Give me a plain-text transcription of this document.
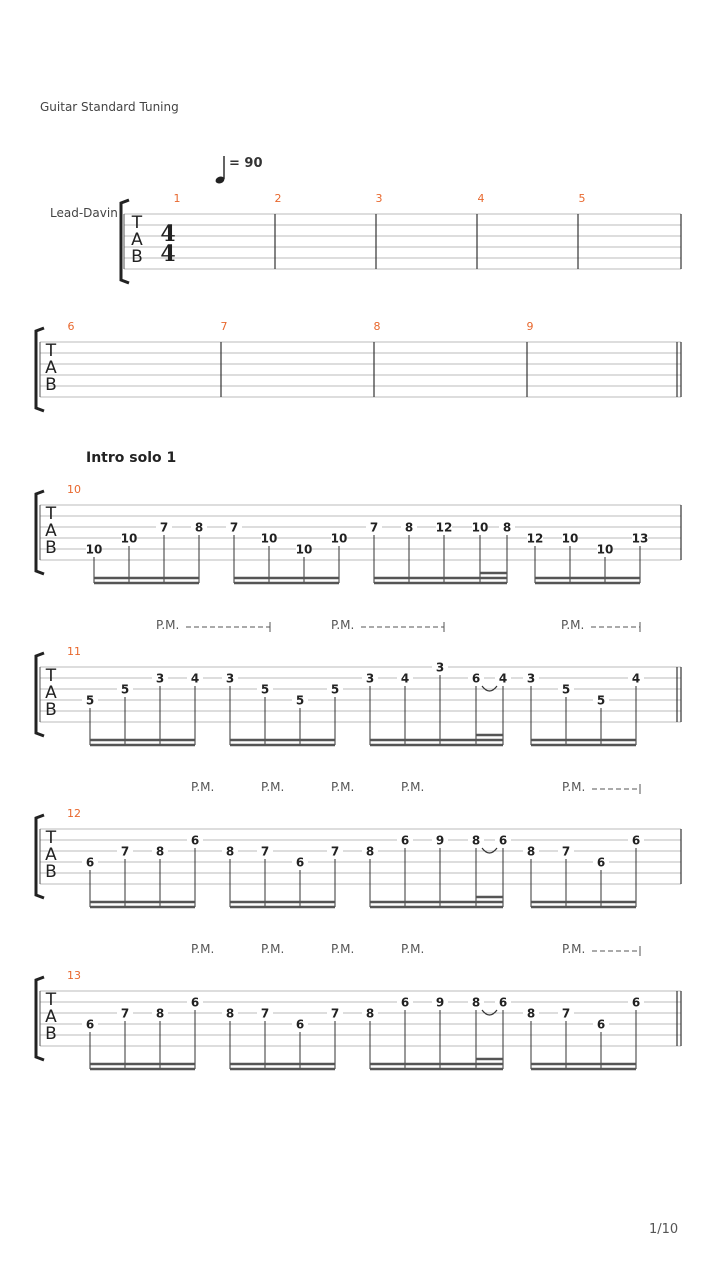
Guitar Standard Tuning
= 90
Lead-Davin
Intro solo 1
1/10
T
A
B
4
4
1	2	3	4	5
T
A
B
6	7	8	9
T
A
B
10
10
10
7 8 7
10
10
10
7 8 12 10 8
12 10
10
13
T
A
B
11
5
5
3 4 3
5
5
5
3 4
3
6 4 3
5
5
4
P.M.	P.M.	P.M.
T
A
B
12
6
7 8
6
8 7
6
7 8
6 9 8 6
8 7
6
6
P.M.	P.M.	P.M.	P.M.	P.M.
T
A
B
13
6
7 8
6
8 7
6
7 8
6 9 8 6
8 7
6
6
P.M.	P.M.	P.M.	P.M.	P.M.
